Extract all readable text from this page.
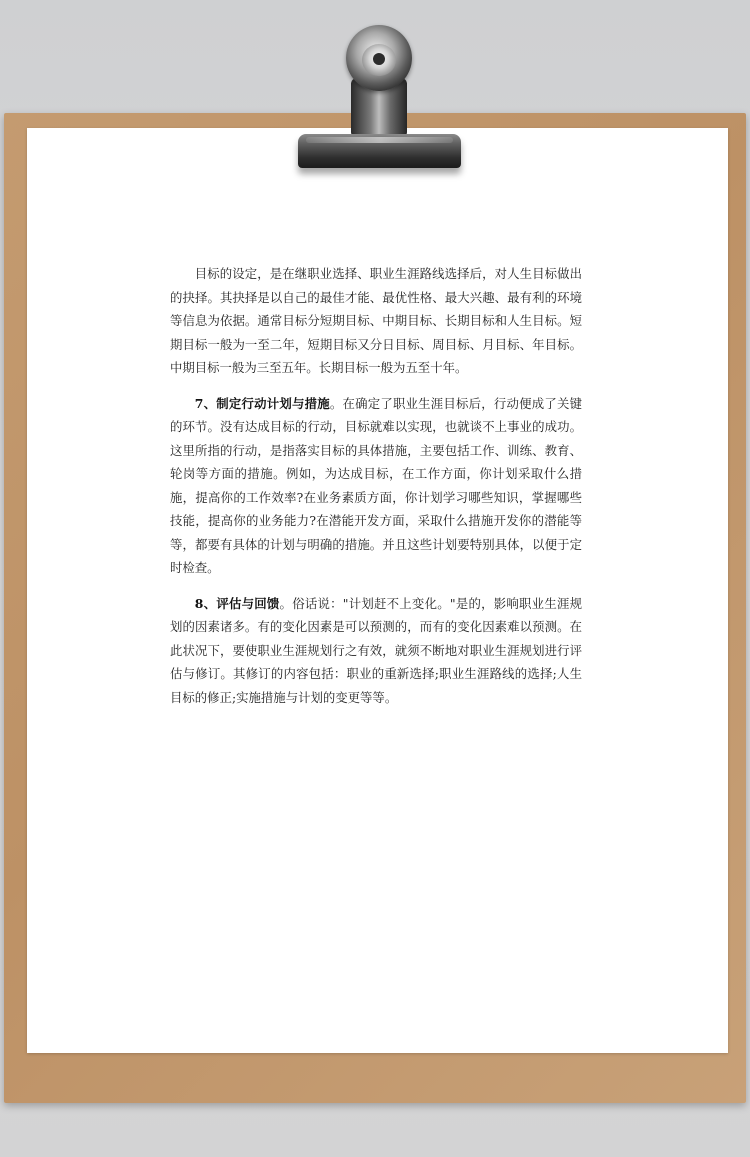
目标的设定，是在继职业选择、职业生涯路线选择后，对人生目标做出的抉择。其抉择是以自己的最佳才能、最优性格、最大兴趣、最有利的环境等信息为依据。通常目标分短期目标、中期目标、长期目标和人生目标。短期目标一般为一至二年，短期目标又分日目标、周目标、月目标、年目标。中期目标一般为三至五年。长期目标一般为五至十年。

7、制定行动计划与措施。在确定了职业生涯目标后，行动便成了关键的环节。没有达成目标的行动，目标就难以实现，也就谈不上事业的成功。这里所指的行动，是指落实目标的具体措施，主要包括工作、训练、教育、轮岗等方面的措施。例如，为达成目标，在工作方面，你计划采取什么措施，提高你的工作效率?在业务素质方面，你计划学习哪些知识，掌握哪些技能，提高你的业务能力?在潜能开发方面，采取什么措施开发你的潜能等等，都要有具体的计划与明确的措施。并且这些计划要特别具体，以便于定时检查。

8、评估与回馈。俗话说："计划赶不上变化。"是的，影响职业生涯规划的因素诸多。有的变化因素是可以预测的，而有的变化因素难以预测。在此状况下，要使职业生涯规划行之有效，就须不断地对职业生涯规划进行评估与修订。其修订的内容包括：职业的重新选择;职业生涯路线的选择;人生目标的修正;实施措施与计划的变更等等。
